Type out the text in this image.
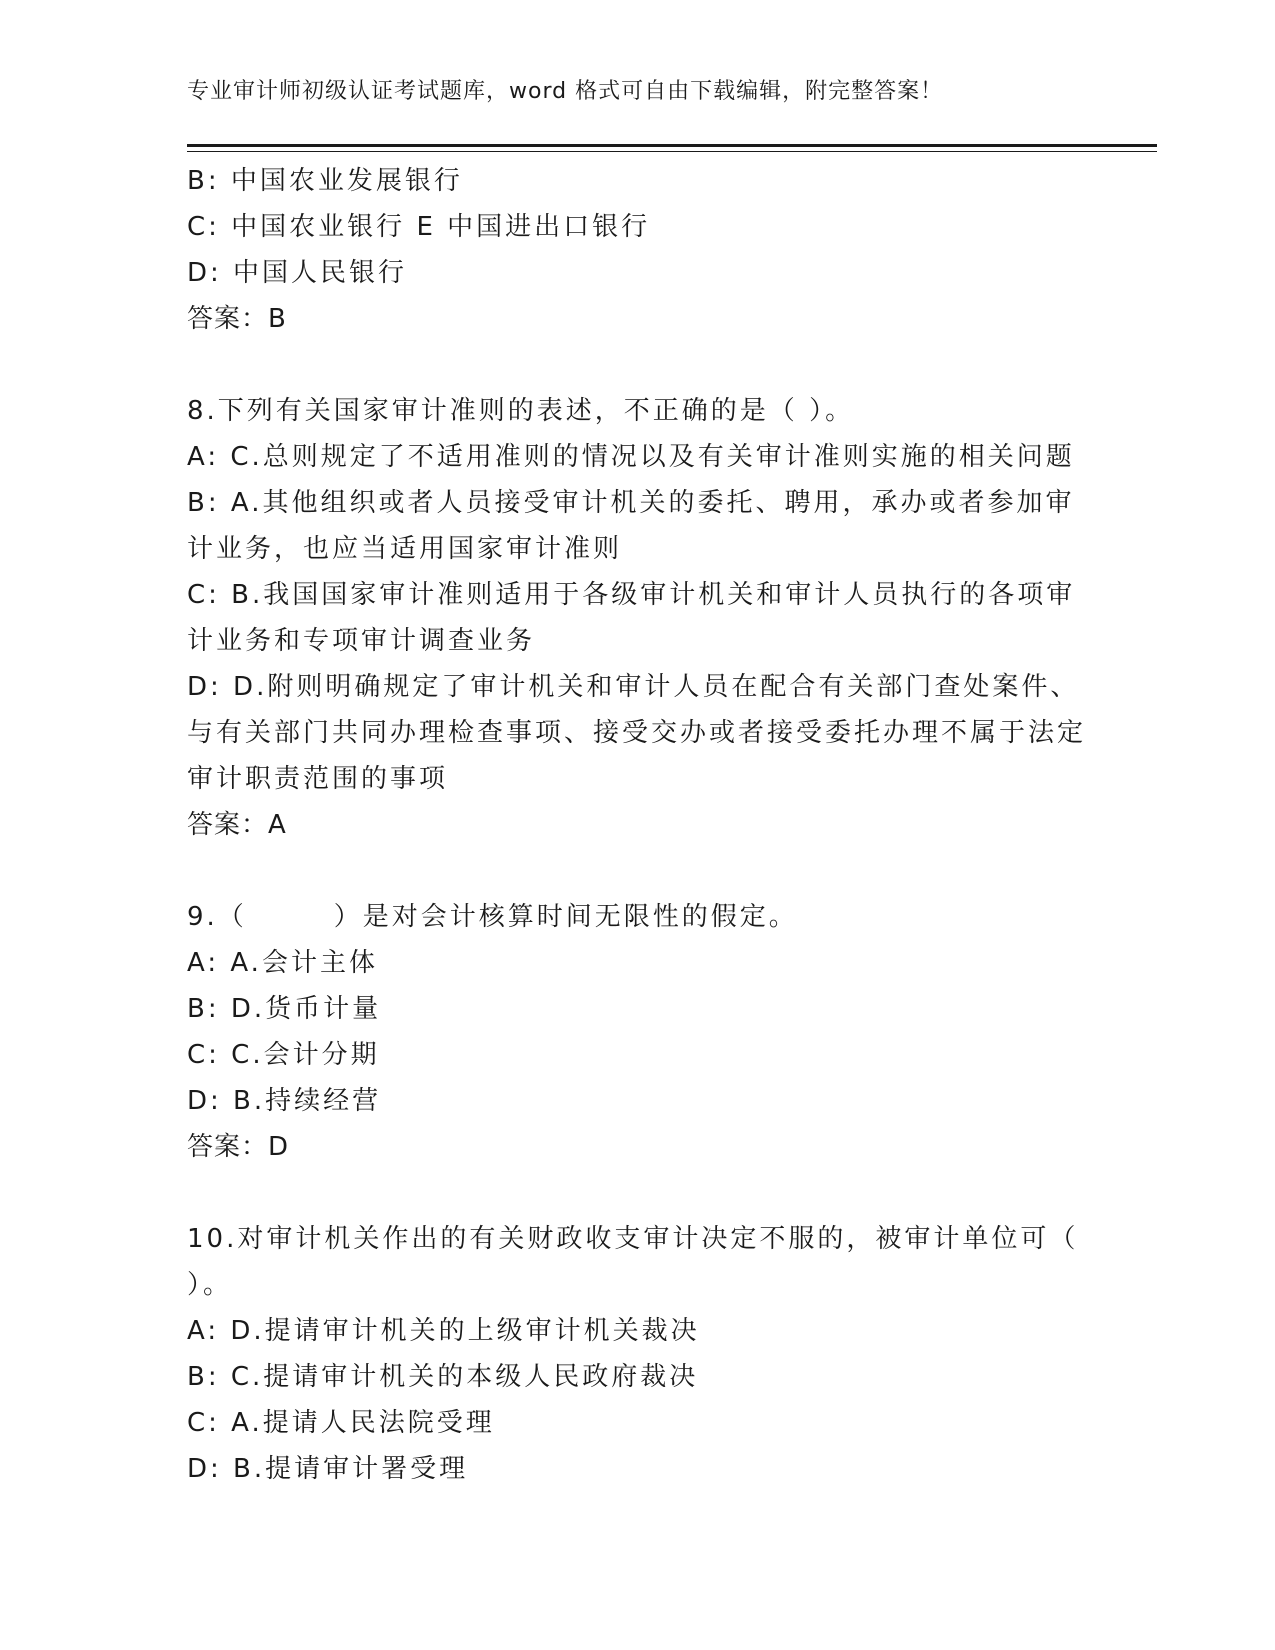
专业审计师初级认证考试题库，word 格式可自由下载编辑，附完整答案！
B: 中国农业发展银行
C: 中国农业银行 E 中国进出口银行
D: 中国人民银行
答案：B
8.下列有关国家审计准则的表述，不正确的是（ ）。
A: C.总则规定了不适用准则的情况以及有关审计准则实施的相关问题
B: A.其他组织或者人员接受审计机关的委托、聘用，承办或者参加审计业务，也应当适用国家审计准则
C: B.我国国家审计准则适用于各级审计机关和审计人员执行的各项审计业务和专项审计调查业务
D: D.附则明确规定了审计机关和审计人员在配合有关部门查处案件、与有关部门共同办理检查事项、接受交办或者接受委托办理不属于法定审计职责范围的事项
答案：A
9.（　　　）是对会计核算时间无限性的假定。
A: A.会计主体
B: D.货币计量
C: C.会计分期
D: B.持续经营
答案：D
10.对审计机关作出的有关财政收支审计决定不服的，被审计单位可（ ）。
A: D.提请审计机关的上级审计机关裁决
B: C.提请审计机关的本级人民政府裁决
C: A.提请人民法院受理
D: B.提请审计署受理
